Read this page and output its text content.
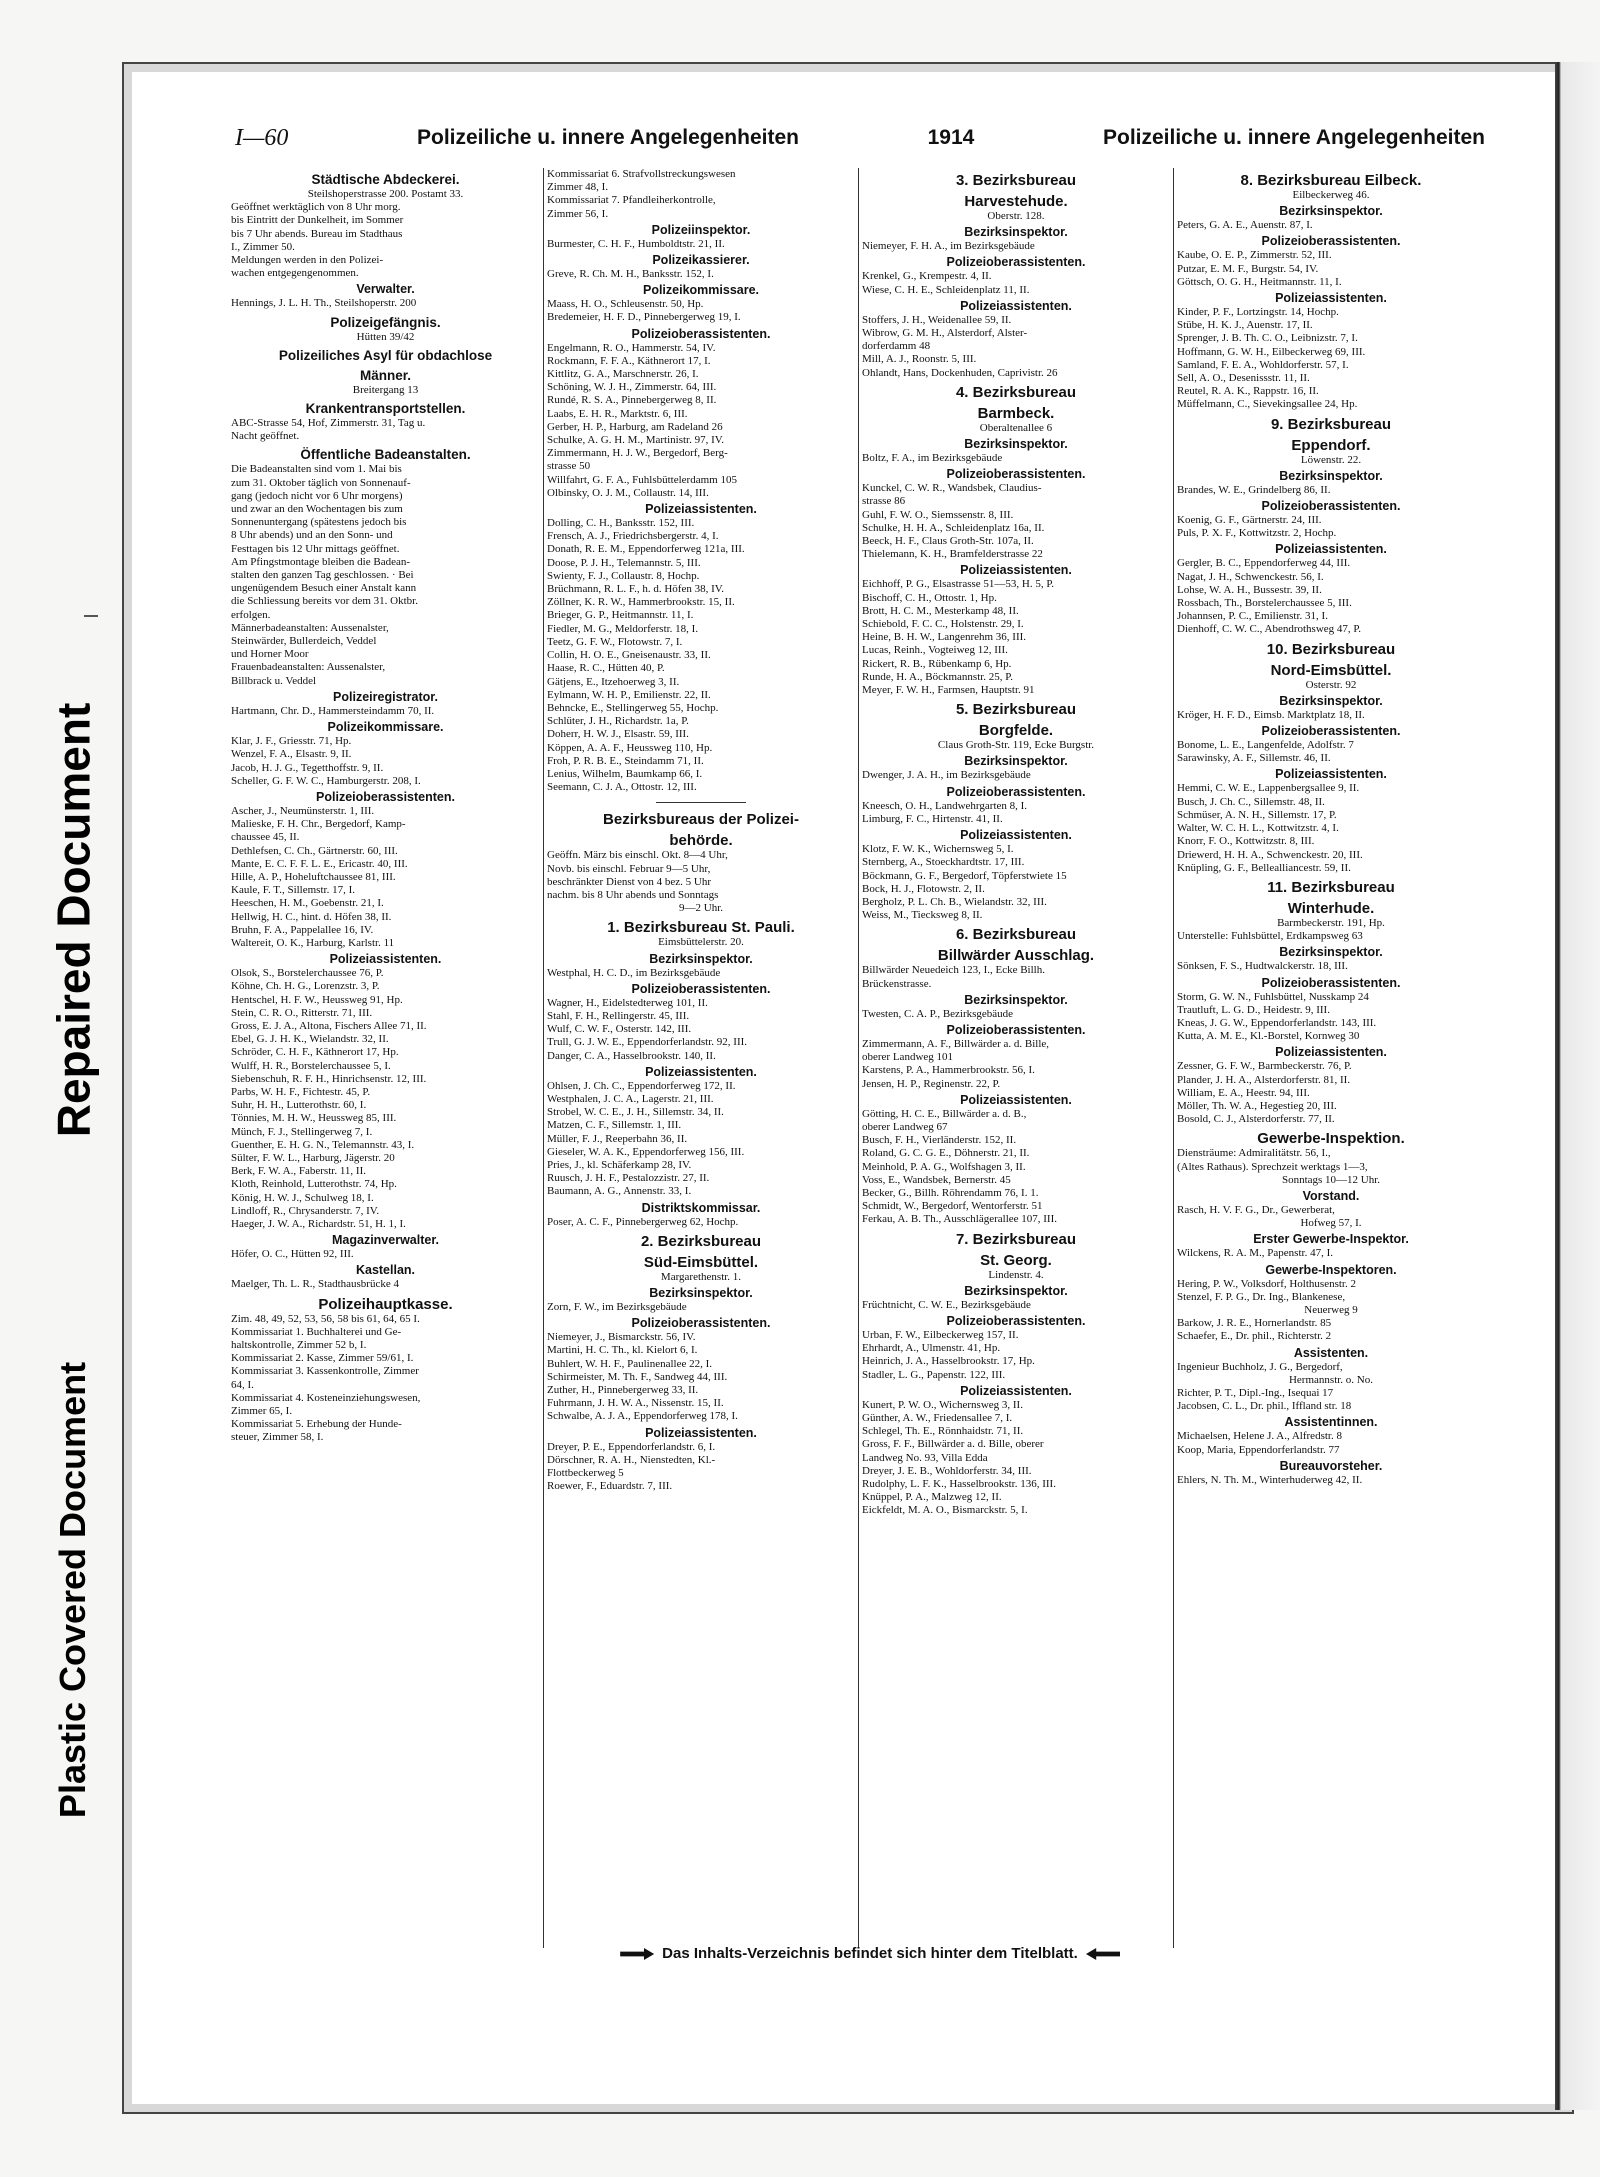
Repaired Document
Plastic Covered Document
I—60	Polizeiliche u. innere Angelegenheiten	1914	Polizeiliche u. innere Angelegenheiten
Städtische Abdeckerei.
Steilshoperstrasse 200. Postamt 33.
Geöffnet werktäglich von 8 Uhr morg.
bis Eintritt der Dunkelheit, im Sommer
bis 7 Uhr abends. Bureau im Stadthaus
I., Zimmer 50.
Meldungen werden in den Polizei-
wachen entgegengenommen.
Verwalter.
Hennings, J. L. H. Th., Steilshoperstr. 200
Polizeigefängnis.
Hütten 39/42
Polizeiliches Asyl für obdachlose
Männer.
Breitergang 13
Krankentransportstellen.
ABC-Strasse 54, Hof, Zimmerstr. 31, Tag u.
Nacht geöffnet.
Öffentliche Badeanstalten.
Die Badeanstalten sind vom 1. Mai bis
zum 31. Oktober täglich von Sonnenauf-
gang (jedoch nicht vor 6 Uhr morgens)
und zwar an den Wochentagen bis zum
Sonnenuntergang (spätestens jedoch bis
8 Uhr abends) und an den Sonn- und
Festtagen bis 12 Uhr mittags geöffnet.
Am Pfingstmontage bleiben die Badean-
stalten den ganzen Tag geschlossen. · Bei
ungenügendem Besuch einer Anstalt kann
die Schliessung bereits vor dem 31. Oktbr.
erfolgen.
Männerbadeanstalten: Aussenalster,
Steinwärder, Bullerdeich, Veddel
und Horner Moor
Frauenbadeanstalten: Aussenalster,
Billbrack u. Veddel
Polizeiregistrator.
Hartmann, Chr. D., Hammersteindamm 70, II.
Polizeikommissare.
Klar, J. F., Griesstr. 71, Hp.
Wenzel, F. A., Elsastr. 9, II.
Jacob, H. J. G., Tegetthoffstr. 9, II.
Scheller, G. F. W. C., Hamburgerstr. 208, I.
Polizeioberassistenten.
Ascher, J., Neumünsterstr. 1, III.
Malieske, F. H. Chr., Bergedorf, Kamp-
chaussee 45, II.
Dethlefsen, C. Ch., Gärtnerstr. 60, III.
Mante, E. C. F. F. L. E., Ericastr. 40, III.
Hille, A. P., Hoheluftchaussee 81, III.
Kaule, F. T., Sillemstr. 17, I.
Heeschen, H. M., Goebenstr. 21, I.
Hellwig, H. C., hint. d. Höfen 38, II.
Bruhn, F. A., Pappelallee 16, IV.
Waltereit, O. K., Harburg, Karlstr. 11
Polizeiassistenten.
Olsok, S., Borstelerchaussee 76, P.
Köhne, Ch. H. G., Lorenzstr. 3, P.
Hentschel, H. F. W., Heussweg 91, Hp.
Stein, C. R. O., Ritterstr. 71, III.
Gross, E. J. A., Altona, Fischers Allee 71, II.
Ebel, G. J. H. K., Wielandstr. 32, II.
Schröder, C. H. F., Käthnerort 17, Hp.
Wulff, H. R., Borstelerchaussee 5, I.
Siebenschuh, R. F. H., Hinrichsenstr. 12, III.
Parbs, W. H. F., Fichtestr. 45, P.
Suhr, H. H., Lutterothstr. 60, I.
Tönnies, M. H. W., Heussweg 85, III.
Münch, F. J., Stellingerweg 7, I.
Guenther, E. H. G. N., Telemannstr. 43, I.
Sülter, F. W. L., Harburg, Jägerstr. 20
Berk, F. W. A., Faberstr. 11, II.
Kloth, Reinhold, Lutterothstr. 74, Hp.
König, H. W. J., Schulweg 18, I.
Lindloff, R., Chrysanderstr. 7, IV.
Haeger, J. W. A., Richardstr. 51, H. 1, I.
Magazinverwalter.
Höfer, O. C., Hütten 92, III.
Kastellan.
Maelger, Th. L. R., Stadthausbrücke 4
Polizeihauptkasse.
Zim. 48, 49, 52, 53, 56, 58 bis 61, 64, 65 I.
Kommissariat 1. Buchhalterei und Ge-
haltskontrolle, Zimmer 52 b, I.
Kommissariat 2. Kasse, Zimmer 59/61, I.
Kommissariat 3. Kassenkontrolle, Zimmer
64, I.
Kommissariat 4. Kosteneinziehungswesen,
Zimmer 65, I.
Kommissariat 5. Erhebung der Hunde-
steuer, Zimmer 58, I.
Kommissariat 6. Strafvollstreckungswesen
Zimmer 48, I.
Kommissariat 7. Pfandleiherkontrolle,
Zimmer 56, I.
Polizeiinspektor.
Burmester, C. H. F., Humboldtstr. 21, II.
Polizeikassierer.
Greve, R. Ch. M. H., Banksstr. 152, I.
Polizeikommissare.
Maass, H. O., Schleusenstr. 50, Hp.
Bredemeier, H. F. D., Pinnebergerweg 19, I.
Polizeioberassistenten.
Engelmann, R. O., Hammerstr. 54, IV.
Rockmann, F. F. A., Käthnerort 17, I.
Kittlitz, G. A., Marschnerstr. 26, I.
Schöning, W. J. H., Zimmerstr. 64, III.
Rundé, R. S. A., Pinnebergerweg 8, II.
Laabs, E. H. R., Marktstr. 6, III.
Gerber, H. P., Harburg, am Radeland 26
Schulke, A. G. H. M., Martinistr. 97, IV.
Zimmermann, H. J. W., Bergedorf, Berg-
strasse 50
Willfahrt, G. F. A., Fuhlsbüttelerdamm 105
Olbinsky, O. J. M., Collaustr. 14, III.
Polizeiassistenten.
Dolling, C. H., Banksstr. 152, III.
Frensch, A. J., Friedrichsbergerstr. 4, I.
Donath, R. E. M., Eppendorferweg 121a, III.
Doose, P. J. H., Telemannstr. 5, III.
Swienty, F. J., Collaustr. 8, Hochp.
Brüchmann, R. L. F., h. d. Höfen 38, IV.
Zöllner, K. R. W., Hammerbrookstr. 15, II.
Brieger, G. P., Heitmannstr. 11, I.
Fiedler, M. G., Meldorferstr. 18, I.
Teetz, G. F. W., Flotowstr. 7, I.
Collin, H. O. E., Gneisenaustr. 33, II.
Haase, R. C., Hütten 40, P.
Gätjens, E., Itzehoerweg 3, II.
Eylmann, W. H. P., Emilienstr. 22, II.
Behncke, E., Stellingerweg 55, Hochp.
Schlüter, J. H., Richardstr. 1a, P.
Doherr, H. W. J., Elsastr. 59, III.
Köppen, A. A. F., Heussweg 110, Hp.
Froh, P. R. B. E., Steindamm 71, II.
Lenius, Wilhelm, Baumkamp 66, I.
Seemann, C. J. A., Ottostr. 12, III.
Bezirksbureaus der Polizei-
behörde.
Geöffn. März bis einschl. Okt. 8—4 Uhr,
Novb. bis einschl. Februar 9—5 Uhr,
beschränkter Dienst von 4 bez. 5 Uhr
nachm. bis 8 Uhr abends und Sonntags
9—2 Uhr.
1. Bezirksbureau St. Pauli.
Eimsbüttelerstr. 20.
Bezirksinspektor.
Westphal, H. C. D., im Bezirksgebäude
Polizeioberassistenten.
Wagner, H., Eidelstedterweg 101, II.
Stahl, F. H., Rellingerstr. 45, III.
Wulf, C. W. F., Osterstr. 142, III.
Trull, G. J. W. E., Eppendorferlandstr. 92, III.
Danger, C. A., Hasselbrookstr. 140, II.
Polizeiassistenten.
Ohlsen, J. Ch. C., Eppendorferweg 172, II.
Westphalen, J. C. A., Lagerstr. 21, III.
Strobel, W. C. E., J. H., Sillemstr. 34, II.
Matzen, C. F., Sillemstr. 1, III.
Müller, F. J., Reeperbahn 36, II.
Gieseler, W. A. K., Eppendorferweg 156, III.
Pries, J., kl. Schäferkamp 28, IV.
Ruusch, J. H. F., Pestalozzistr. 27, II.
Baumann, A. G., Annenstr. 33, I.
Distriktskommissar.
Poser, A. C. F., Pinnebergerweg 62, Hochp.
2. Bezirksbureau
Süd-Eimsbüttel.
Margarethenstr. 1.
Bezirksinspektor.
Zorn, F. W., im Bezirksgebäude
Polizeioberassistenten.
Niemeyer, J., Bismarckstr. 56, IV.
Martini, H. C. Th., kl. Kielort 6, I.
Buhlert, W. H. F., Paulinenallee 22, I.
Schirmeister, M. Th. F., Sandweg 44, III.
Zuther, H., Pinnebergerweg 33, II.
Fuhrmann, J. H. W. A., Nissenstr. 15, II.
Schwalbe, A. J. A., Eppendorferweg 178, I.
Polizeiassistenten.
Dreyer, P. E., Eppendorferlandstr. 6, I.
Dörschner, R. A. H., Nienstedten, Kl.-
Flottbeckerweg 5
Roewer, F., Eduardstr. 7, III.
3. Bezirksbureau
Harvestehude.
Oberstr. 128.
Bezirksinspektor.
Niemeyer, F. H. A., im Bezirksgebäude
Polizeioberassistenten.
Krenkel, G., Krempestr. 4, II.
Wiese, C. H. E., Schleidenplatz 11, II.
Polizeiassistenten.
Stoffers, J. H., Weidenallee 59, II.
Wibrow, G. M. H., Alsterdorf, Alster-
dorferdamm 48
Mill, A. J., Roonstr. 5, III.
Ohlandt, Hans, Dockenhuden, Caprivistr. 26
4. Bezirksbureau
Barmbeck.
Oberaltenallee 6
Bezirksinspektor.
Boltz, F. A., im Bezirksgebäude
Polizeioberassistenten.
Kunckel, C. W. R., Wandsbek, Claudius-
strasse 86
Guhl, F. W. O., Siemssenstr. 8, III.
Schulke, H. H. A., Schleidenplatz 16a, II.
Beeck, H. F., Claus Groth-Str. 107a, II.
Thielemann, K. H., Bramfelderstrasse 22
Polizeiassistenten.
Eichhoff, P. G., Elsastrasse 51—53, H. 5, P.
Bischoff, C. H., Ottostr. 1, Hp.
Brott, H. C. M., Mesterkamp 48, II.
Schiebold, F. C. C., Holstenstr. 29, I.
Heine, B. H. W., Langenrehm 36, III.
Lucas, Reinh., Vogteiweg 12, III.
Rickert, R. B., Rübenkamp 6, Hp.
Runde, H. A., Böckmannstr. 25, P.
Meyer, F. W. H., Farmsen, Hauptstr. 91
5. Bezirksbureau
Borgfelde.
Claus Groth-Str. 119, Ecke Burgstr.
Bezirksinspektor.
Dwenger, J. A. H., im Bezirksgebäude
Polizeioberassistenten.
Kneesch, O. H., Landwehrgarten 8, I.
Limburg, F. C., Hirtenstr. 41, II.
Polizeiassistenten.
Klotz, F. W. K., Wichernsweg 5, I.
Sternberg, A., Stoeckhardtstr. 17, III.
Böckmann, G. F., Bergedorf, Töpferstwiete 15
Bock, H. J., Flotowstr. 2, II.
Bergholz, P. L. Ch. B., Wielandstr. 32, III.
Weiss, M., Tiecksweg 8, II.
6. Bezirksbureau
Billwärder Ausschlag.
Billwärder Neuedeich 123, I., Ecke Billh.
Brückenstrasse.
Bezirksinspektor.
Twesten, C. A. P., Bezirksgebäude
Polizeioberassistenten.
Zimmermann, A. F., Billwärder a. d. Bille,
oberer Landweg 101
Karstens, P. A., Hammerbrookstr. 56, I.
Jensen, H. P., Reginenstr. 22, P.
Polizeiassistenten.
Götting, H. C. E., Billwärder a. d. B.,
oberer Landweg 67
Busch, F. H., Vierländerstr. 152, II.
Roland, G. C. G. E., Döhnerstr. 21, II.
Meinhold, P. A. G., Wolfshagen 3, II.
Voss, E., Wandsbek, Bernerstr. 45
Becker, G., Billh. Röhrendamm 76, I. 1.
Schmidt, W., Bergedorf, Wentorferstr. 51
Ferkau, A. B. Th., Ausschlägerallee 107, III.
7. Bezirksbureau
St. Georg.
Lindenstr. 4.
Bezirksinspektor.
Früchtnicht, C. W. E., Bezirksgebäude
Polizeioberassistenten.
Urban, F. W., Eilbeckerweg 157, II.
Ehrhardt, A., Ulmenstr. 41, Hp.
Heinrich, J. A., Hasselbrookstr. 17, Hp.
Stadler, L. G., Papenstr. 122, III.
Polizeiassistenten.
Kunert, P. W. O., Wichernsweg 3, II.
Günther, A. W., Friedensallee 7, I.
Schlegel, Th. E., Rönnhaidstr. 71, II.
Gross, F. F., Billwärder a. d. Bille, oberer
Landweg No. 93, Villa Edda
Dreyer, J. E. B., Wohldorferstr. 34, III.
Rudolphy, L. F. K., Hasselbrookstr. 136, III.
Knüppel, P. A., Malzweg 12, II.
Eickfeldt, M. A. O., Bismarckstr. 5, I.
8. Bezirksbureau Eilbeck.
Eilbeckerweg 46.
Bezirksinspektor.
Peters, G. A. E., Auenstr. 87, I.
Polizeioberassistenten.
Kaube, O. E. P., Zimmerstr. 52, III.
Putzar, E. M. F., Burgstr. 54, IV.
Göttsch, O. G. H., Heitmannstr. 11, I.
Polizeiassistenten.
Kinder, P. F., Lortzingstr. 14, Hochp.
Stübe, H. K. J., Auenstr. 17, II.
Sprenger, J. B. Th. C. O., Leibnizstr. 7, I.
Hoffmann, G. W. H., Eilbeckerweg 69, III.
Samland, F. E. A., Wohldorferstr. 57, I.
Sell, A. O., Desenissstr. 11, II.
Reutel, R. A. K., Rappstr. 16, II.
Müffelmann, C., Sievekingsallee 24, Hp.
9. Bezirksbureau
Eppendorf.
Löwenstr. 22.
Bezirksinspektor.
Brandes, W. E., Grindelberg 86, II.
Polizeioberassistenten.
Koenig, G. F., Gärtnerstr. 24, III.
Puls, P. X. F., Kottwitzstr. 2, Hochp.
Polizeiassistenten.
Gergler, B. C., Eppendorferweg 44, III.
Nagat, J. H., Schwenckestr. 56, I.
Lohse, W. A. H., Bussestr. 39, II.
Rossbach, Th., Borstelerchaussee 5, III.
Johannsen, P. C., Emilienstr. 31, I.
Dienhoff, C. W. C., Abendrothsweg 47, P.
10. Bezirksbureau
Nord-Eimsbüttel.
Osterstr. 92
Bezirksinspektor.
Kröger, H. F. D., Eimsb. Marktplatz 18, II.
Polizeioberassistenten.
Bonome, L. E., Langenfelde, Adolfstr. 7
Sarawinsky, A. F., Sillemstr. 46, II.
Polizeiassistenten.
Hemmi, C. W. E., Lappenbergsallee 9, II.
Busch, J. Ch. C., Sillemstr. 48, II.
Schmüser, A. N. H., Sillemstr. 17, P.
Walter, W. C. H. L., Kottwitzstr. 4, I.
Knorr, F. O., Kottwitzstr. 8, III.
Driewerd, H. H. A., Schwenckestr. 20, III.
Knüpling, G. F., Bellealliancestr. 59, II.
11. Bezirksbureau
Winterhude.
Barmbeckerstr. 191, Hp.
Unterstelle: Fuhlsbüttel, Erdkampsweg 63
Bezirksinspektor.
Sönksen, F. S., Hudtwalckerstr. 18, III.
Polizeioberassistenten.
Storm, G. W. N., Fuhlsbüttel, Nusskamp 24
Trautluft, L. G. D., Heidestr. 9, III.
Kneas, J. G. W., Eppendorferlandstr. 143, III.
Kutta, A. M. E., Kl.-Borstel, Kornweg 30
Polizeiassistenten.
Zessner, G. F. W., Barmbeckerstr. 76, P.
Plander, J. H. A., Alsterdorferstr. 81, II.
William, E. A., Heestr. 94, III.
Möller, Th. W. A., Hegestieg 20, III.
Bosold, C. J., Alsterdorferstr. 77, II.
Gewerbe-Inspektion.
Diensträume: Admiralitätstr. 56, I.,
(Altes Rathaus). Sprechzeit werktags 1—3,
Sonntags 10—12 Uhr.
Vorstand.
Rasch, H. V. F. G., Dr., Gewerberat,
Hofweg 57, I.
Erster Gewerbe-Inspektor.
Wilckens, R. A. M., Papenstr. 47, I.
Gewerbe-Inspektoren.
Hering, P. W., Volksdorf, Holthusenstr. 2
Stenzel, F. P. G., Dr. Ing., Blankenese,
Neuerweg 9
Barkow, J. R. E., Hornerlandstr. 85
Schaefer, E., Dr. phil., Richterstr. 2
Assistenten.
Ingenieur Buchholz, J. G., Bergedorf,
Hermannstr. o. No.
Richter, P. T., Dipl.-Ing., Isequai 17
Jacobsen, C. L., Dr. phil., Iffland str. 18
Assistentinnen.
Michaelsen, Helene J. A., Alfredstr. 8
Koop, Maria, Eppendorferlandstr. 77
Bureauvorsteher.
Ehlers, N. Th. M., Winterhuderweg 42, II.
Das Inhalts-Verzeichnis befindet sich hinter dem Titelblatt.
